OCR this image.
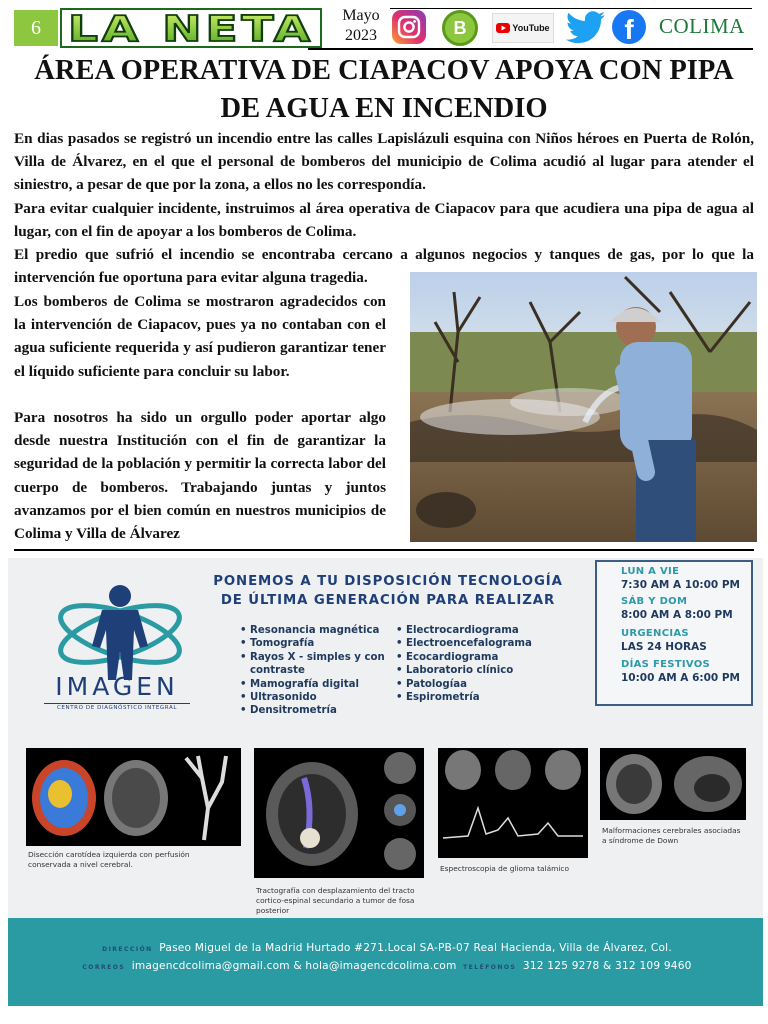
6 LA NETA	Mayo
2023	B	YouTube	f COLIMA
ÁREA OPERATIVA DE CIAPACOV APOYA CON PIPA DE AGUA EN INCENDIO

En dias pasados se registró un incendio entre las calles Lapislázuli esquina con Niños héroes en Puerta de Rolón, Villa de Álvarez, en el que el personal de bomberos del municipio de Colima acudió al lugar para atender el siniestro, a pesar de que por la zona, a ellos no les correspondía.

Para evitar cualquier incidente, instruimos al área operativa de Ciapacov para que acudiera una pipa de agua al lugar, con el fin de apoyar a los bomberos de Colima.

El predio que sufrió el incendio se encontraba cercano a algunos negocios y tanques de gas, por lo que la intervención fue oportuna para evitar alguna tragedia.

Los bomberos de Colima se mostraron agradecidos con la intervención de Ciapacov, pues ya no contaban con el agua suficiente requerida y así pudieron garantizar tener el líquido suficiente para concluir su labor.

Para nosotros ha sido un orgullo poder aportar algo desde nuestra Institución con el fin de garantizar la seguridad de la población y permitir la correcta labor del cuerpo de bomberos. Trabajando juntas y juntos avanzamos por el bien común en nuestros municipios de Colima y Villa de Álvarez

IMAGEN
CENTRO DE DIAGNÓSTICO INTEGRAL
PONEMOS A TU DISPOSICIÓN TECNOLOGÍA
DE ÚLTIMA GENERACIÓN PARA REALIZAR
• Resonancia magnética
• Tomografía
• Rayos X - simples y con contraste
• Mamografía digital
• Ultrasonido
• Densitrometría
• Electrocardiograma
• Electroencefalograma
• Ecocardiograma
• Laboratorio clínico
• Patologíaa
• Espirometría
LUN A VIE
7:30 AM A 10:00 PM
SÁB Y DOM
8:00 AM A 8:00 PM
URGENCIAS
LAS 24 HORAS
DÍAS FESTIVOS
10:00 AM A 6:00 PM
Disección carotídea izquierda con perfusión conservada a nivel cerebral.
Tractografía con desplazamiento del tracto cortico-espinal secundario a tumor de fosa posterior
Espectroscopia de glioma talámico
Malformaciones cerebrales asociadas a síndrome de Down
DIRECCIÓN Paseo Miguel de la Madrid Hurtado #271.Local SA-PB-07 Real Hacienda, Villa de Álvarez, Col.
CORREOS imagencdcolima@gmail.com & hola@imagencdcolima.com TELÉFONOS 312 125 9278 & 312 109 9460
